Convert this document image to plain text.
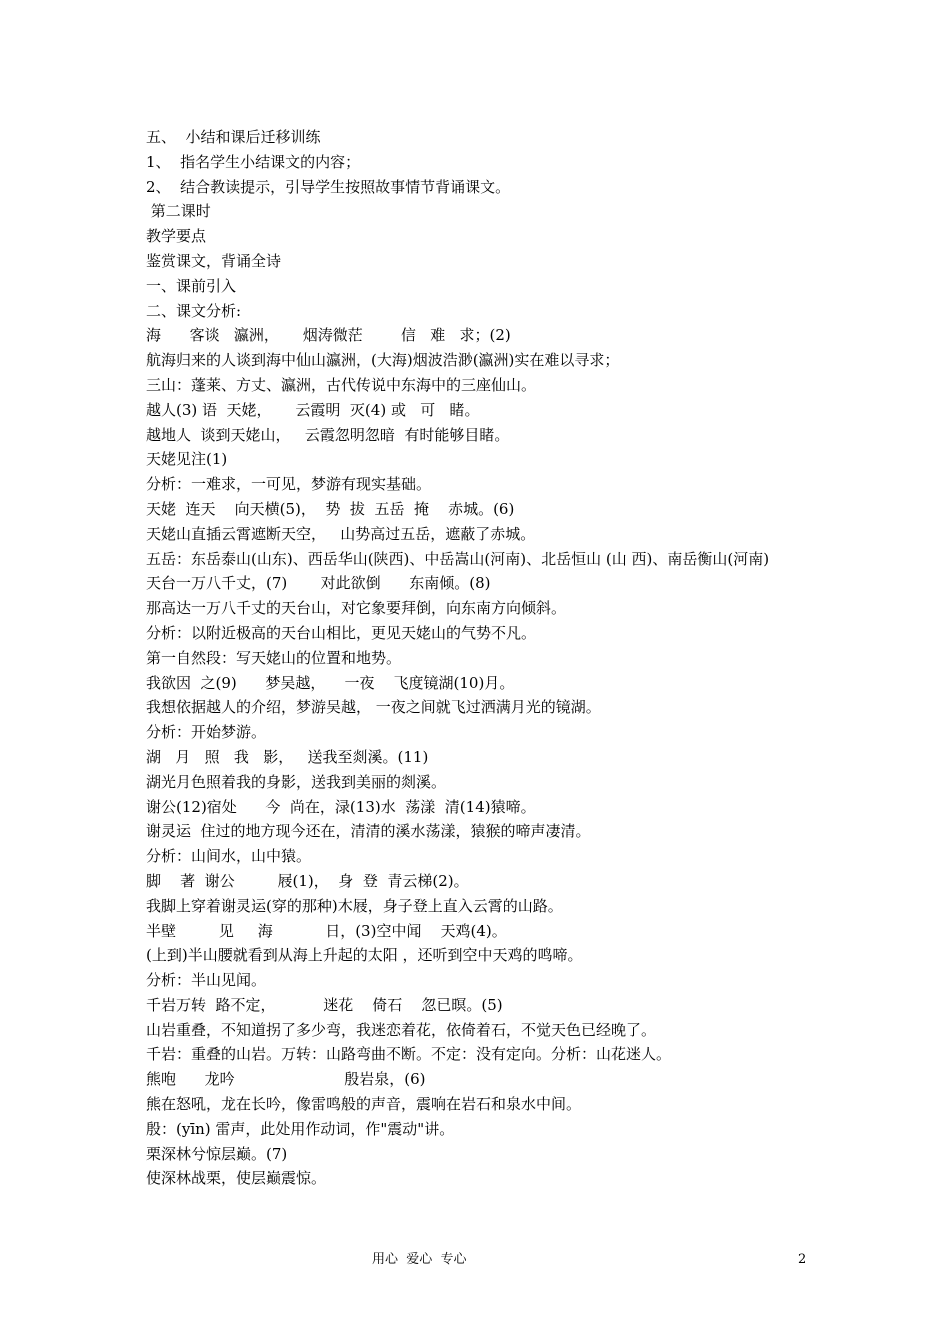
五、  小结和课后迁移训练
1、  指名学生小结课文的内容；
2、  结合教读提示，引导学生按照故事情节背诵课文。
第二课时
教学要点
鉴赏课文，背诵全诗
一、课前引入
二、课文分析:
海      客谈   瀛洲，     烟涛微茫        信   难   求；(2)
航海归来的人谈到海中仙山瀛洲，(大海)烟波浩渺(瀛洲)实在难以寻求；
三山：蓬莱、方丈、瀛洲，古代传说中东海中的三座仙山。
越人(3) 语  天姥，     云霞明  灭(4) 或   可   睹。
越地人  谈到天姥山，   云霞忽明忽暗  有时能够目睹。
天姥见注(1)
分析：一难求，一可见，梦游有现实基础。
天姥  连天    向天横(5)，  势  拔  五岳  掩    赤城。(6)
天姥山直插云霄遮断天空，   山势高过五岳，遮蔽了赤城。
五岳：东岳泰山(山东)、西岳华山(陕西)、中岳嵩山(河南)、北岳恒山 (山 西)、南岳衡山(河南)
天台一万八千丈，(7)       对此欲倒      东南倾。(8)
那高达一万八千丈的天台山，对它象要拜倒，向东南方向倾斜。
分析：以附近极高的天台山相比，更见天姥山的气势不凡。
第一自然段：写天姥山的位置和地势。
我欲因  之(9)      梦吴越，    一夜    飞度镜湖(10)月。
我想依据越人的介绍，梦游吴越， 一夜之间就飞过洒满月光的镜湖。
分析：开始梦游。
湖   月   照   我   影，   送我至剡溪。(11)
湖光月色照着我的身影，送我到美丽的剡溪。
谢公(12)宿处      今  尚在，渌(13)水  荡漾  清(14)猿啼。
谢灵运  住过的地方现今还在，清清的溪水荡漾，猿猴的啼声凄清。
分析：山间水，山中猿。
脚    著  谢公         屐(1)，  身  登  青云梯(2)。
我脚上穿着谢灵运(穿的那种)木屐，身子登上直入云霄的山路。
半壁         见     海           日，(3)空中闻    天鸡(4)。
(上到)半山腰就看到从海上升起的太阳 ，还听到空中天鸡的鸣啼。
分析：半山见闻。
千岩万转  路不定，          迷花    倚石    忽已暝。(5)
山岩重叠，不知道拐了多少弯，我迷恋着花，依倚着石，不觉天色已经晚了。
千岩：重叠的山岩。万转：山路弯曲不断。不定：没有定向。分析：山花迷人。
熊咆      龙吟                       殷岩泉，(6)
熊在怒吼，龙在长吟，像雷鸣般的声音，震响在岩石和泉水中间。
殷：(yīn) 雷声，此处用作动词，作"震动"讲。
栗深林兮惊层巅。(7)
使深林战栗，使层巅震惊。
用心  爱心  专心	2
